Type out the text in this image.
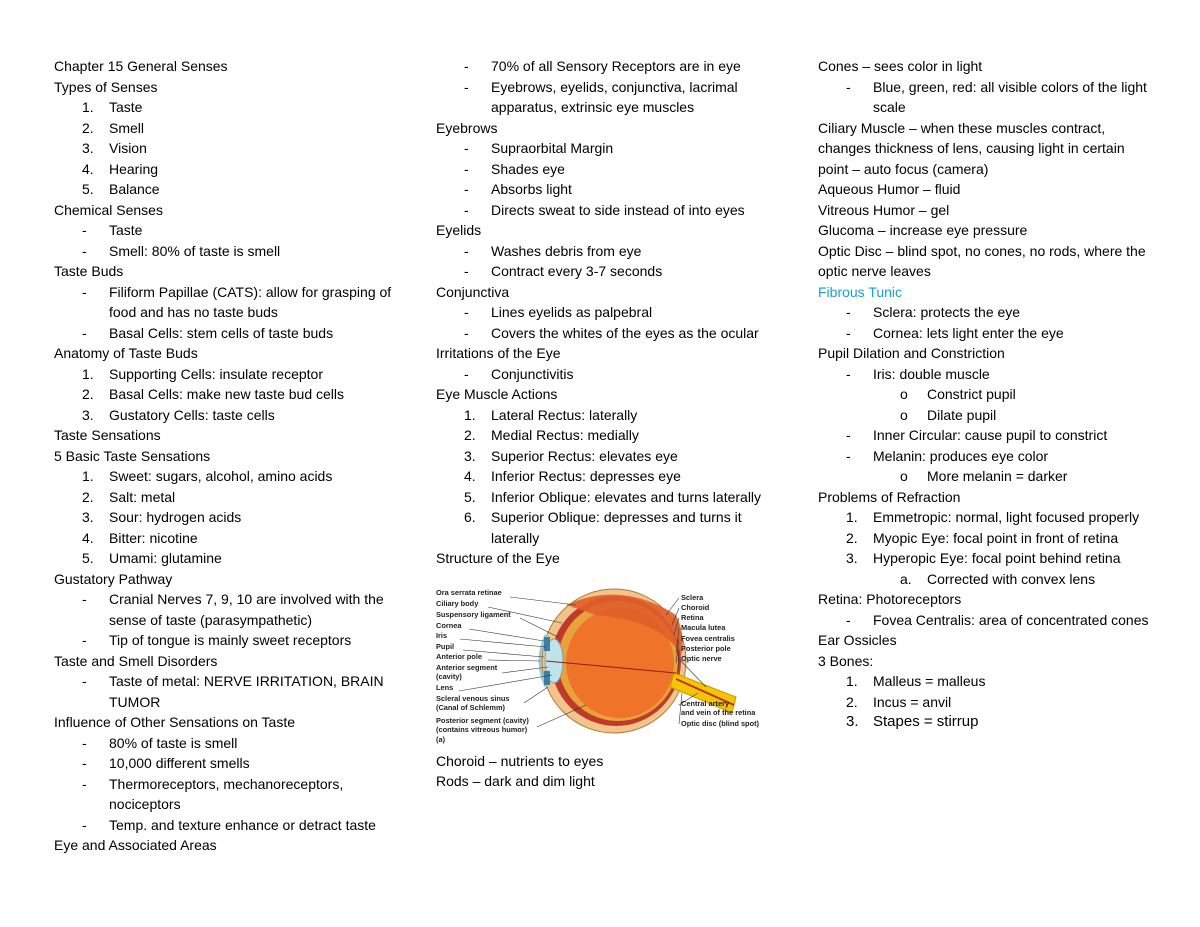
Chapter 15 General Senses
Types of Senses
1.	Taste
2.	Smell
3.	Vision
4.	Hearing
5.	Balance
Chemical Senses
-	Taste
-	Smell: 80% of taste is smell
Taste Buds
-	Filiform Papillae (CATS): allow for grasping of food and has no taste buds
-	Basal Cells: stem cells of taste buds
Anatomy of Taste Buds
1.	Supporting Cells: insulate receptor
2.	Basal Cells: make new taste bud cells
3.	Gustatory Cells: taste cells
Taste Sensations
5 Basic Taste Sensations
1.	Sweet: sugars, alcohol, amino acids
2.	Salt: metal
3.	Sour: hydrogen acids
4.	Bitter: nicotine
5.	Umami: glutamine
Gustatory Pathway
-	Cranial Nerves 7, 9, 10 are involved with the sense of taste (parasympathetic)
-	Tip of tongue is mainly sweet receptors
Taste and Smell Disorders
-	Taste of metal: NERVE IRRITATION, BRAIN TUMOR
Influence of Other Sensations on Taste
-	80% of taste is smell
-	10,000 different smells
-	Thermoreceptors, mechanoreceptors, nociceptors
-	Temp. and texture enhance or detract taste
Eye and Associated Areas
-	70% of all Sensory Receptors are in eye
-	Eyebrows, eyelids, conjunctiva, lacrimal apparatus, extrinsic eye muscles
Eyebrows
-	Supraorbital Margin
-	Shades eye
-	Absorbs light
-	Directs sweat to side instead of into eyes
Eyelids
-	Washes debris from eye
-	Contract every 3-7 seconds
Conjunctiva
-	Lines eyelids as palpebral
-	Covers the whites of the eyes as the ocular
Irritations of the Eye
-	Conjunctivitis
Eye Muscle Actions
1.	Lateral Rectus: laterally
2.	Medial Rectus: medially
3.	Superior Rectus: elevates eye
4.	Inferior Rectus: depresses eye
5.	Inferior Oblique: elevates and turns laterally
6.	Superior Oblique: depresses and turns it laterally
Structure of the Eye
Ora serrata retinae
Ciliary body
Suspensory ligament
Cornea
Iris
Pupil
Anterior pole
Anterior segment
(cavity)
Lens
Scleral venous sinus
(Canal of Schlemm)
Posterior segment (cavity)
(contains vitreous humor)
(a)
Sclera
Choroid
Retina
Macula lutea
Fovea centralis
Posterior pole
Optic nerve
Central artery
and vein of the retina
Optic disc (blind spot)
Choroid – nutrients to eyes
Rods – dark and dim light
Cones – sees color in light
-	Blue, green, red: all visible colors of the light scale
Ciliary Muscle – when these muscles contract, changes thickness of lens, causing light in certain point – auto focus (camera)
Aqueous Humor – fluid
Vitreous Humor – gel
Glucoma – increase eye pressure
Optic Disc – blind spot, no cones, no rods, where the optic nerve leaves
Fibrous Tunic
-	Sclera: protects the eye
-	Cornea: lets light enter the eye
Pupil Dilation and Constriction
-	Iris: double muscle
o	Constrict pupil
o	Dilate pupil
-	Inner Circular: cause pupil to constrict
-	Melanin: produces eye color
o	More melanin = darker
Problems of Refraction
1.	Emmetropic: normal, light focused properly
2.	Myopic Eye: focal point in front of retina
3.	Hyperopic Eye: focal point behind retina
a.	Corrected with convex lens
Retina: Photoreceptors
-	Fovea Centralis: area of concentrated cones
Ear Ossicles
3 Bones:
1.	Malleus = malleus
2.	Incus = anvil
3. Stapes = stirrup
